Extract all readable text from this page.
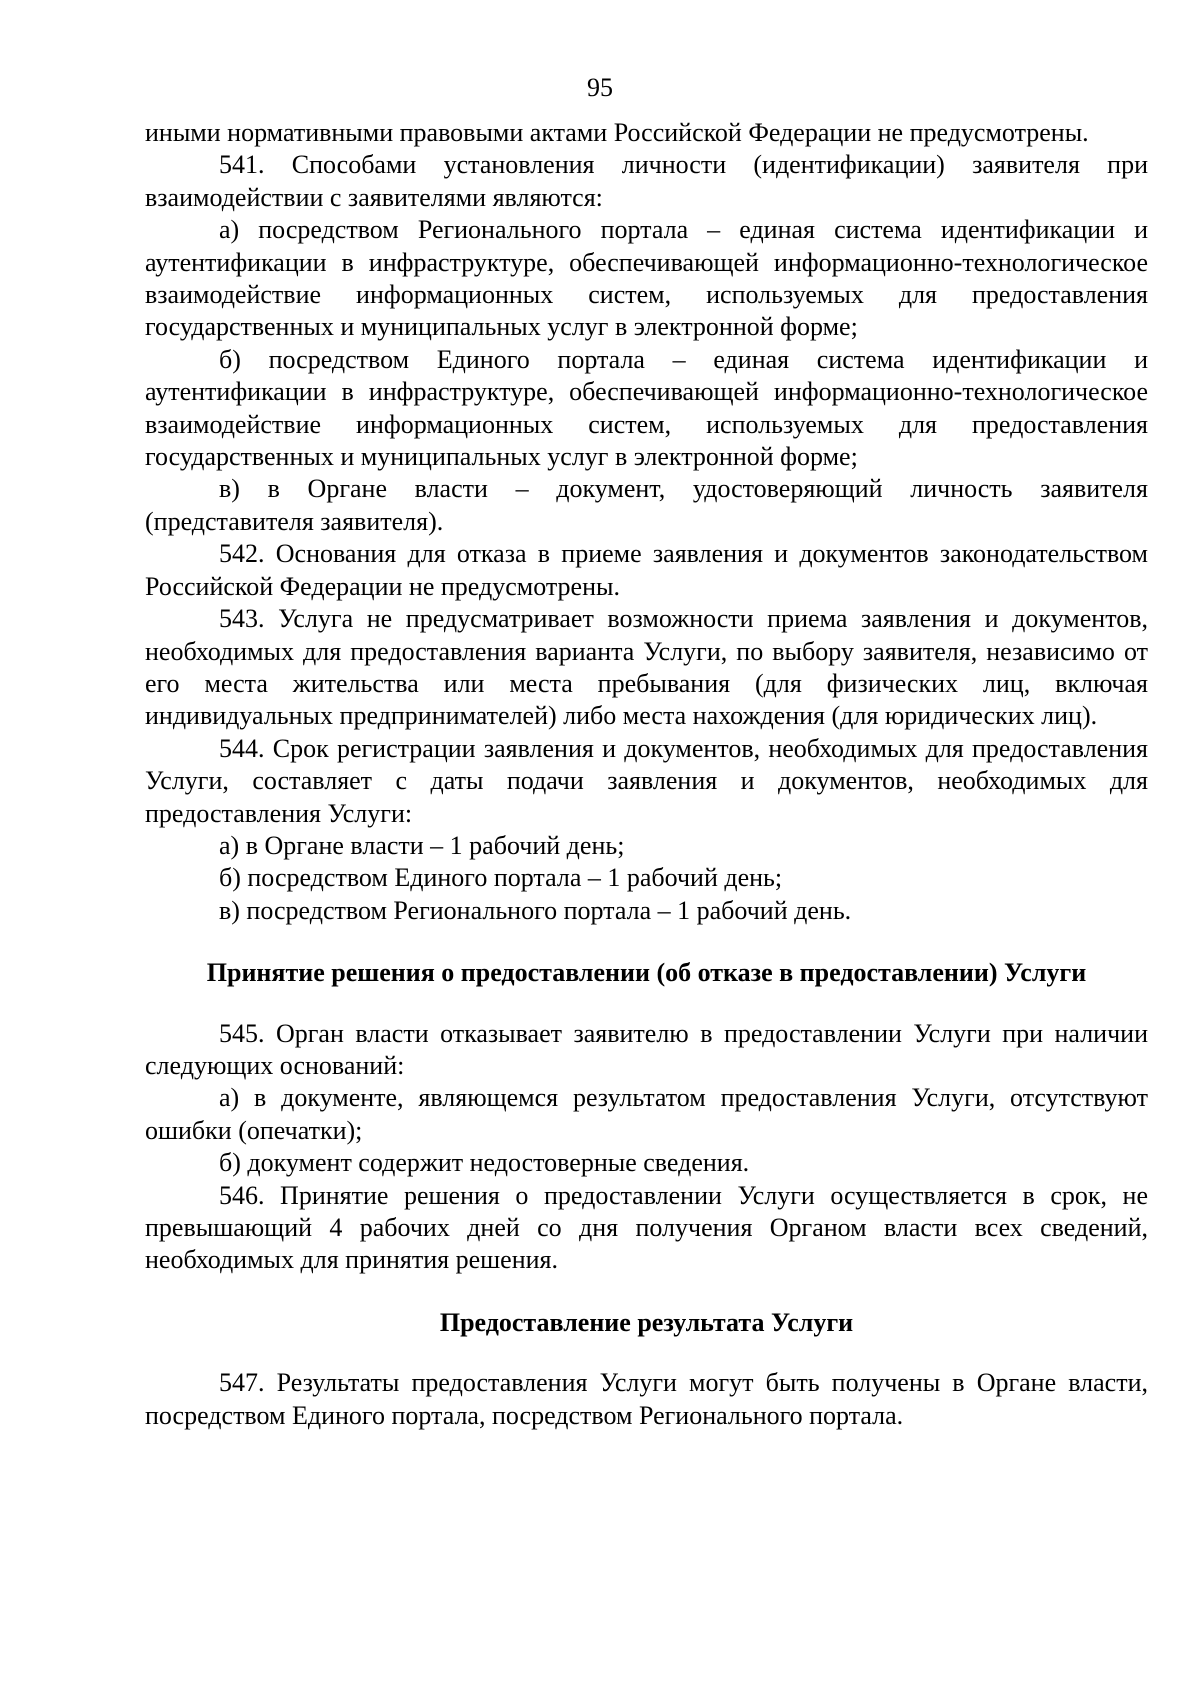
95

иными нормативными правовыми актами Российской Федерации не предусмотрены.

541. Способами установления личности (идентификации) заявителя при взаимодействии с заявителями являются:

а) посредством Регионального портала – единая система идентификации и аутентификации в инфраструктуре, обеспечивающей информационно-технологическое взаимодействие информационных систем, используемых для предоставления государственных и муниципальных услуг в электронной форме;

б) посредством Единого портала – единая система идентификации и аутентификации в инфраструктуре, обеспечивающей информационно-технологическое взаимодействие информационных систем, используемых для предоставления государственных и муниципальных услуг в электронной форме;

в) в Органе власти – документ, удостоверяющий личность заявителя (представителя заявителя).

542. Основания для отказа в приеме заявления и документов законодательством Российской Федерации не предусмотрены.

543. Услуга не предусматривает возможности приема заявления и документов, необходимых для предоставления варианта Услуги, по выбору заявителя, независимо от его места жительства или места пребывания (для физических лиц, включая индивидуальных предпринимателей) либо места нахождения (для юридических лиц).

544. Срок регистрации заявления и документов, необходимых для предоставления Услуги, составляет с даты подачи заявления и документов, необходимых для предоставления Услуги:

а) в Органе власти – 1 рабочий день;

б) посредством Единого портала – 1 рабочий день;

в) посредством Регионального портала – 1 рабочий день.

Принятие решения о предоставлении (об отказе в предоставлении) Услуги

545. Орган власти отказывает заявителю в предоставлении Услуги при наличии следующих оснований:

а) в документе, являющемся результатом предоставления Услуги, отсутствуют ошибки (опечатки);

б) документ содержит недостоверные сведения.

546. Принятие решения о предоставлении Услуги осуществляется в срок, не превышающий 4 рабочих дней со дня получения Органом власти всех сведений, необходимых для принятия решения.

Предоставление результата Услуги

547. Результаты предоставления Услуги могут быть получены в Органе власти, посредством Единого портала, посредством Регионального портала.
